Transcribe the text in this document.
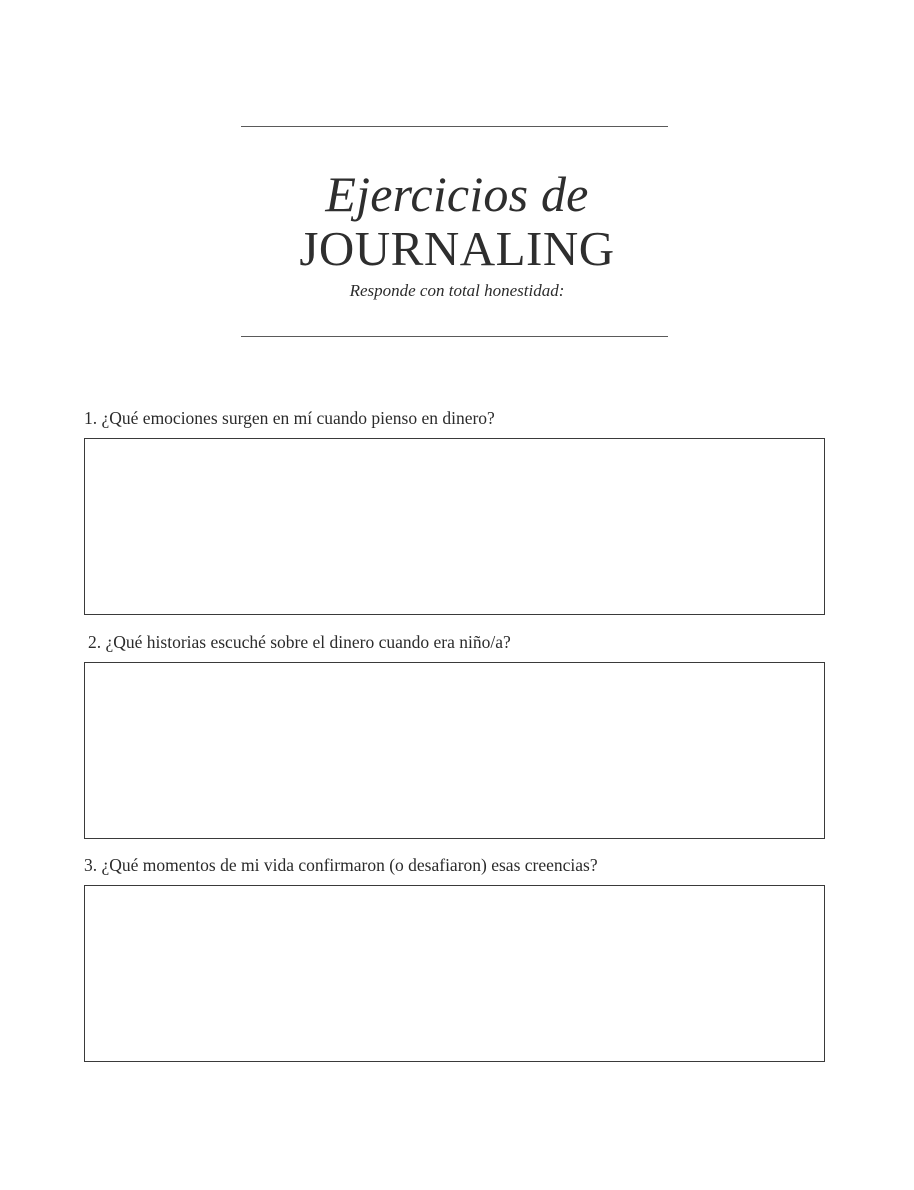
Ejercicios de
JOURNALING
Responde con total honestidad:
1. ¿Qué emociones surgen en mí cuando pienso en dinero?
2. ¿Qué historias escuché sobre el dinero cuando era niño/a?
3. ¿Qué momentos de mi vida confirmaron (o desafiaron) esas creencias?
